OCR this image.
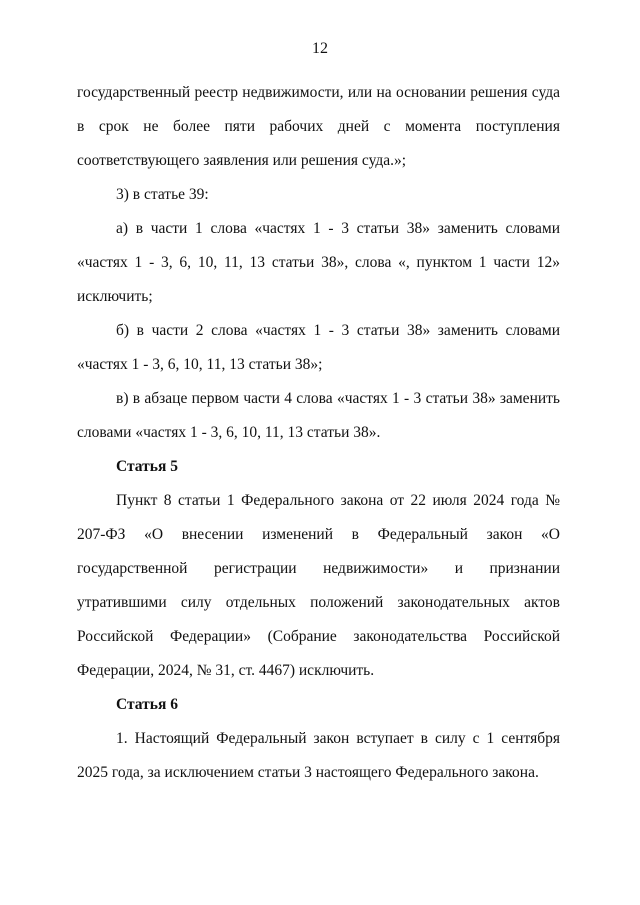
12

государственный реестр недвижимости, или на основании решения суда в срок не более пяти рабочих дней с момента поступления соответствующего заявления или решения суда.»;

3) в статье 39:

а) в части 1 слова «частях 1 - 3 статьи 38» заменить словами «частях 1 - 3, 6, 10, 11, 13 статьи 38», слова «, пунктом 1 части 12» исключить;

б) в части 2 слова «частях 1 - 3 статьи 38» заменить словами «частях 1 - 3, 6, 10, 11, 13 статьи 38»;

в) в абзаце первом части 4 слова «частях 1 - 3 статьи 38» заменить словами «частях 1 - 3, 6, 10, 11, 13 статьи 38».

Статья 5

Пункт 8 статьи 1 Федерального закона от 22 июля 2024 года № 207-ФЗ «О внесении изменений в Федеральный закон «О государственной регистрации недвижимости» и признании утратившими силу отдельных положений законодательных актов Российской Федерации» (Собрание законодательства Российской Федерации, 2024, № 31, ст. 4467) исключить.

Статья 6

1. Настоящий Федеральный закон вступает в силу с 1 сентября 2025 года, за исключением статьи 3 настоящего Федерального закона.
